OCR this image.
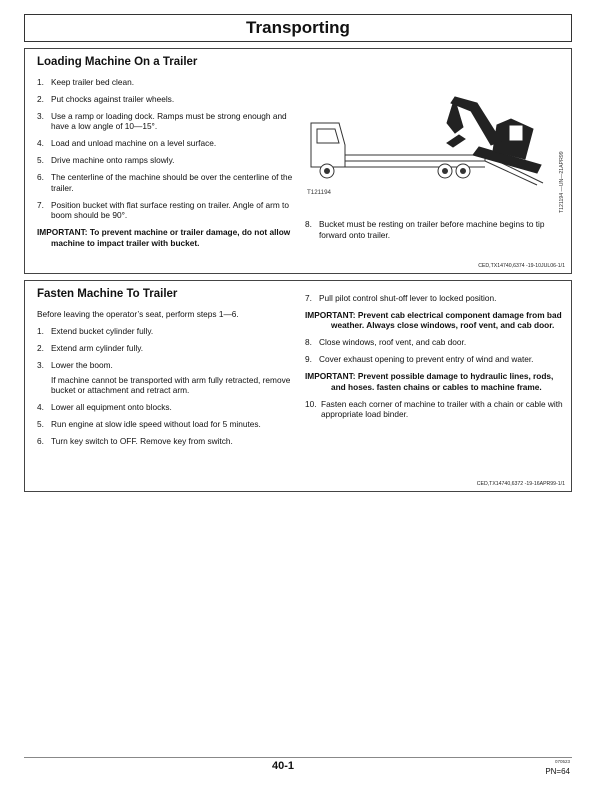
Transporting
Loading Machine On a Trailer
1. Keep trailer bed clean.
2. Put chocks against trailer wheels.
3. Use a ramp or loading dock. Ramps must be strong enough and have a low angle of 10—15°.
4. Load and unload machine on a level surface.
5. Drive machine onto ramps slowly.
6. The centerline of the machine should be over the centerline of the trailer.
7. Position bucket with flat surface resting on trailer. Angle of arm to boom should be 90°.
IMPORTANT: To prevent machine or trailer damage, do not allow machine to impact trailer with bucket.
T121194	T121194 —UN—21APR99
8. Bucket must be resting on trailer before machine begins to tip forward onto trailer.
CED,TX14740,6374 -19-10JUL06-1/1
Fasten Machine To Trailer
Before leaving the operator’s seat, perform steps 1—6.
1. Extend bucket cylinder fully.
2. Extend arm cylinder fully.
3. Lower the boom.
If machine cannot be transported with arm fully retracted, remove bucket or attachment and retract arm.
4. Lower all equipment onto blocks.
5. Run engine at slow idle speed without load for 5 minutes.
6. Turn key switch to OFF. Remove key from switch.
7. Pull pilot control shut-off lever to locked position.
IMPORTANT: Prevent cab electrical component damage from bad weather. Always close windows, roof vent, and cab door.
8. Close windows, roof vent, and cab door.
9. Cover exhaust opening to prevent entry of wind and water.
IMPORTANT: Prevent possible damage to hydraulic lines, rods, and hoses. fasten chains or cables to machine frame.
10. Fasten each corner of machine to trailer with a chain or cable with appropriate load binder.
CED,TX14740,6372 -19-16APR99-1/1
40-1	070523
PN=64
